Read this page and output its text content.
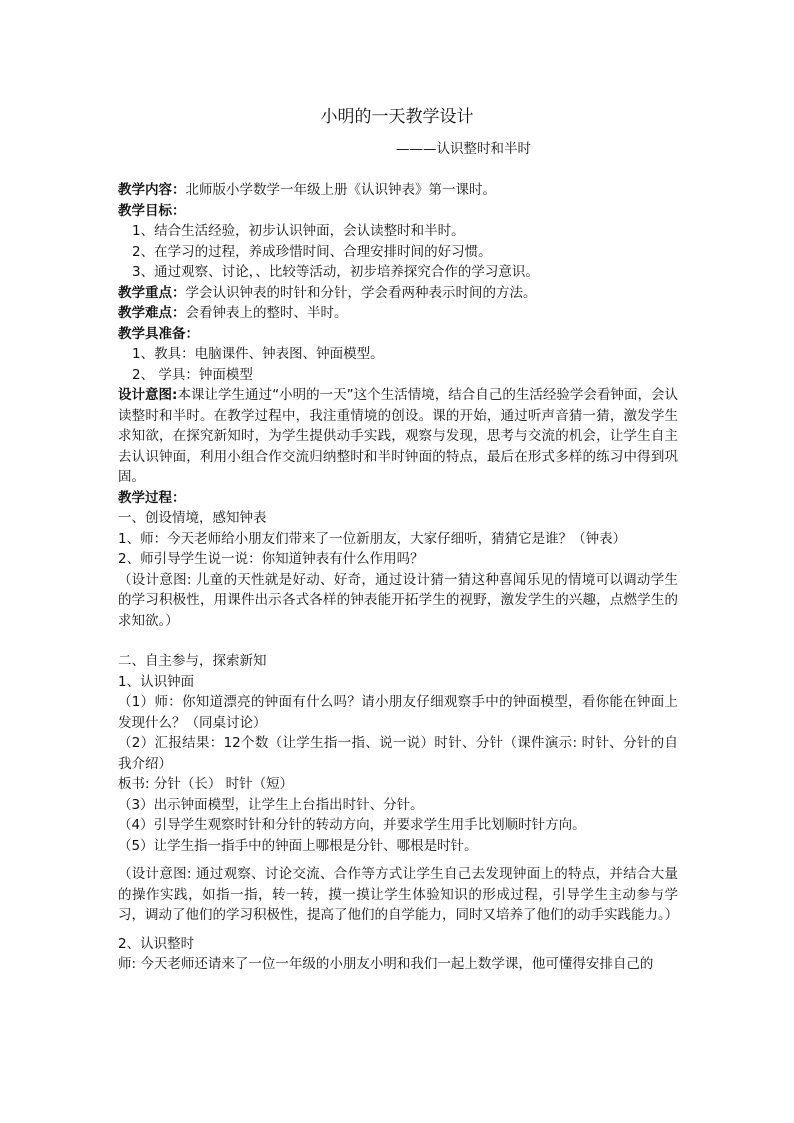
小明的一天教学设计
———认识整时和半时

教学内容：北师版小学数学一年级上册《认识钟表》第一课时。

教学目标：

1、结合生活经验，初步认识钟面，会认读整时和半时。

2、在学习的过程，养成珍惜时间、合理安排时间的好习惯。

3、通过观察、讨论，、比较等活动，初步培养探究合作的学习意识。

教学重点：学会认识钟表的时针和分针，学会看两种表示时间的方法。

教学难点：会看钟表上的整时、半时。

教学具准备：

1、教具：电脑课件、钟表图、钟面模型。

2、 学具：钟面模型

设计意图:本课让学生通过“小明的一天”这个生活情境，结合自己的生活经验学会看钟面，会认读整时和半时。在教学过程中，我注重情境的创设。课的开始，通过听声音猜一猜，激发学生求知欲，在探究新知时，为学生提供动手实践，观察与发现，思考与交流的机会，让学生自主去认识钟面，利用小组合作交流归纳整时和半时钟面的特点，最后在形式多样的练习中得到巩固。

教学过程：

一、创设情境，感知钟表

1、师：今天老师给小朋友们带来了一位新朋友，大家仔细听，猜猜它是谁？（钟表）

2、师引导学生说一说：你知道钟表有什么作用吗？

（设计意图: 儿童的天性就是好动、好奇，通过设计猜一猜这种喜闻乐见的情境可以调动学生的学习积极性，用课件出示各式各样的钟表能开拓学生的视野，激发学生的兴趣，点燃学生的求知欲。）

二、自主参与，探索新知

1、认识钟面

（1）师：你知道漂亮的钟面有什么吗？请小朋友仔细观察手中的钟面模型，看你能在钟面上发现什么？（同桌讨论）

（2）汇报结果：12个数（让学生指一指、说一说）时针、分针（课件演示: 时针、分针的自我介绍）

板书: 分针（长） 时针（短）

（3）出示钟面模型，让学生上台指出时针、分针。

（4）引导学生观察时针和分针的转动方向，并要求学生用手比划顺时针方向。

（5）让学生指一指手中的钟面上哪根是分针、哪根是时针。

（设计意图: 通过观察、讨论交流、合作等方式让学生自己去发现钟面上的特点，并结合大量的操作实践，如指一指，转一转，摸一摸让学生体验知识的形成过程，引导学生主动参与学习，调动了他们的学习积极性，提高了他们的自学能力，同时又培养了他们的动手实践能力。）

2、认识整时

师: 今天老师还请来了一位一年级的小朋友小明和我们一起上数学课，他可懂得安排自己的
